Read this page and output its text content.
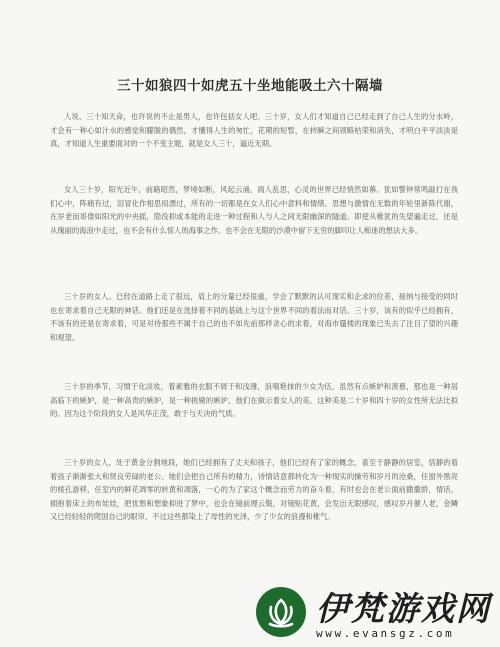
三十如狼四十如虎五十坐地能吸土六十隔墙

人说，三十知天命，也许说的不止是男人，也许包括女人吧。三十岁，女人们才知道自己已经走到了自己人生的分水岭，才会有一种心如汁水的感觉和朦胧的偶然，才懂得人生的匆忙，花期的短暂，在转瞬之间领略枯荣和消失，才明白平平淡淡是真，才知道人生重要面对的一个不变主题，就是女人三十，逼近无期。

女人三十岁，阳光近午，前路昭然，梦境如断，风起云涌，雨人乱思，心灵的世界已经悄然如幕。犹如警钟常鸣敲打在我们心中，阵痛有过，泪冒化作相思用漂过，所有的一切都是在女人们心中意料和情绪。思想与激情在无数的年轮里新陈代谢，在岁老而哥偻如阳光的中央摇，隐没抑或本能的走进一种过程和人与人之间无限幽深的隧道。即使从稚犹的失望遍走过，还是从瑰丽的海浪中走过，也不会有什么惊人的海事之作。也不会在无限的沙漠中留下无穷的脚印让人痴迷的想法大多。

三十岁的女人。已经在道路上走了很远，肩上的分量已经很重，学会了默默的认可现实和企求的位差，接纳与接受的同时也在寄求着自己无限的神话。他们还是在选择着不同的基础上与这个世界不同的看法而对话。三十岁，该有的似乎已经拥有，不该有的还是在寄求着，可是对待那些不属于自己的也不如先前那样贪心的求着，对海市蜃楼的现象已失去了注目了望的兴趣和观望。

三十岁的季节，习惯于化淡妆，着素雅的衣服不屑于和浅薄，浪嘻艳抹的少女为伍，虽然有点嫉妒和羡慕，那也是一种居高临下的嫉妒，是一种高贵的嫉妒，是一种挑剔的嫉妒，他们在做示着女人的美。这种美是二十岁和四十岁的女性所无法比拟的。因为这个阶段的女人是风华正茂，敢于与天决的气质。

三十岁的女人，处于黄金分割地段，她们已经拥有了丈夫和孩子，他们已经有了家的概念，喜至于静静的居室，恬静的看着孩子渐渐张大和贤良劳碌的老公。她们会把自己所有的精力，诗情话意都转化为一种现实的操劳和岁月的沧桑，任窗外黑亮的棱孔游移，任室内的鲜花凋零的转黄和凋落，一心的为了家这个概念而劳力的奋斗着，有时也会在老公面前撒撒娇，情话，拥抱着床上的布娃娃，把忧愁和想象抑进了梦中，也会在镜前理云鬓，对镜贴花黄，会发出无限感叹，感叹岁月催人老，金鳞又已经轻轻的爬国自己的眼帘，不过这些都染上了母性的光泽，少了少女的浪漫和稚气。

伊梵游戏网
www.evansgz.com
